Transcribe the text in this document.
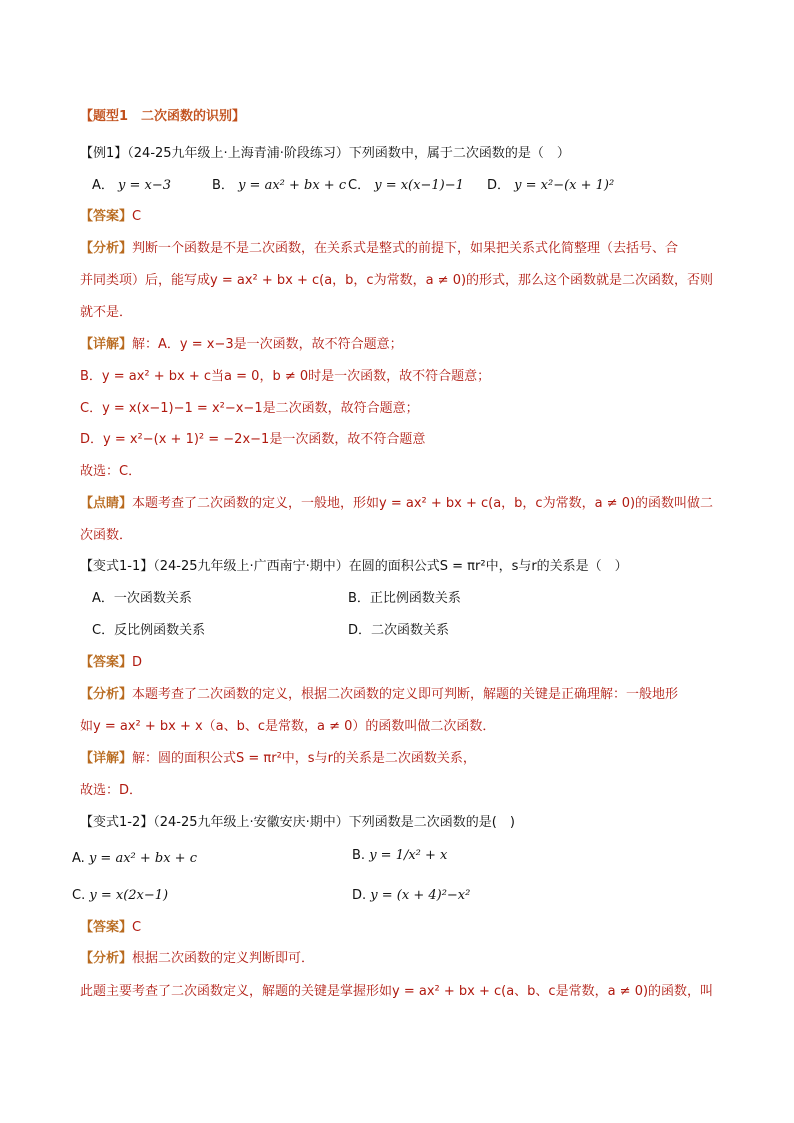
【题型1　二次函数的识别】
【例1】（24-25九年级上·上海青浦·阶段练习）下列函数中，属于二次函数的是（　）
A． y = x−3	B． y = ax² + bx + c C． y = x(x−1)−1 D． y = x²−(x + 1)²
【答案】C
【分析】判断一个函数是不是二次函数，在关系式是整式的前提下，如果把关系式化简整理（去括号、合
并同类项）后，能写成y = ax² + bx + c(a，b，c为常数，a ≠ 0)的形式，那么这个函数就是二次函数，否则
就不是．
【详解】解：A．y = x−3是一次函数，故不符合题意；
B．y = ax² + bx + c当a = 0，b ≠ 0时是一次函数，故不符合题意；
C．y = x(x−1)−1 = x²−x−1是二次函数，故符合题意；
D．y = x²−(x + 1)² = −2x−1是一次函数，故不符合题意
故选：C．
【点睛】本题考查了二次函数的定义，一般地，形如y = ax² + bx + c(a，b，c为常数，a ≠ 0)的函数叫做二
次函数．
【变式1-1】（24-25九年级上·广西南宁·期中）在圆的面积公式S = πr²中，s与r的关系是（　）
A．一次函数关系	B．正比例函数关系
C．反比例函数关系	D．二次函数关系
【答案】D
【分析】本题考查了二次函数的定义，根据二次函数的定义即可判断，解题的关键是正确理解：一般地形
如y = ax² + bx + x（a、b、c是常数，a ≠ 0）的函数叫做二次函数．
【详解】解：圆的面积公式S = πr²中，s与r的关系是二次函数关系，
故选：D．
【变式1-2】（24-25九年级上·安徽安庆·期中）下列函数是二次函数的是(　)
A. y = ax² + bx + c	B. y = 1/x² + x
C. y = x(2x−1)	D. y = (x + 4)²−x²
【答案】C
【分析】根据二次函数的定义判断即可．
此题主要考查了二次函数定义，解题的关键是掌握形如y = ax² + bx + c(a、b、c是常数，a ≠ 0)的函数，叫
